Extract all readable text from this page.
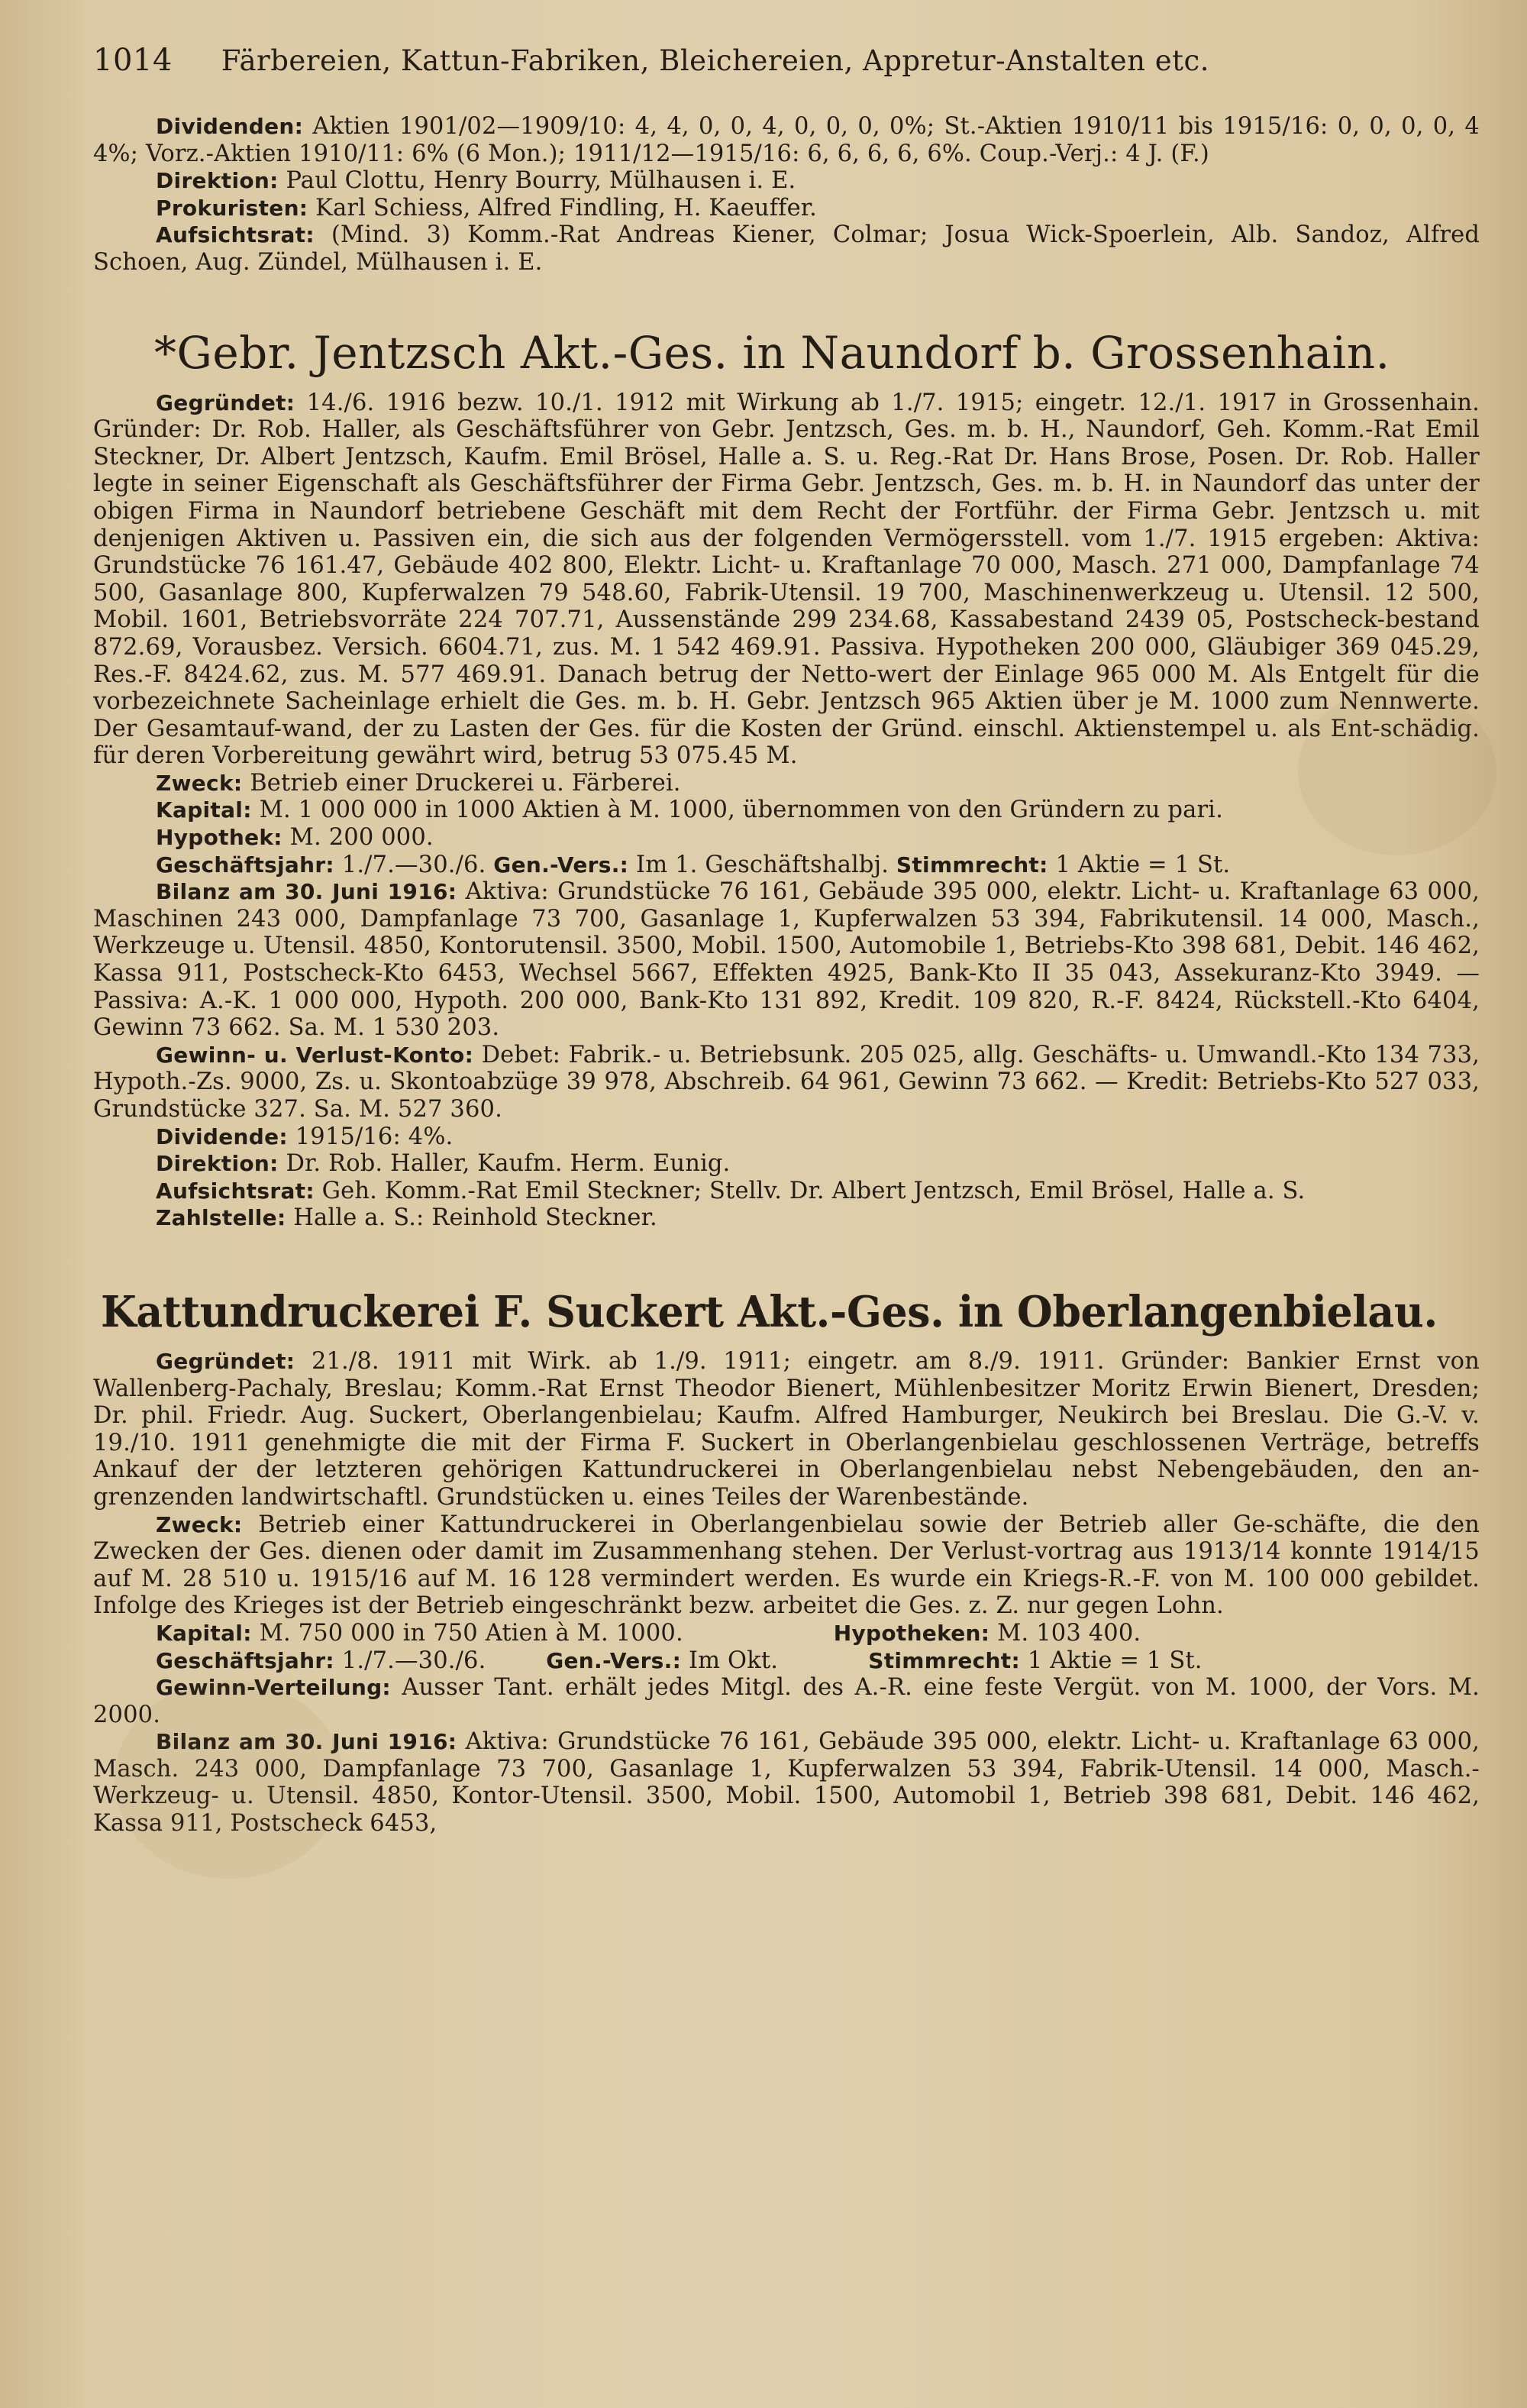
1014 Färbereien, Kattun-Fabriken, Bleichereien, Appretur-Anstalten etc.

Dividenden: Aktien 1901/02—1909/10: 4, 4, 0, 0, 4, 0, 0, 0, 0%; St.-Aktien 1910/11 bis 1915/16: 0, 0, 0, 0, 4 4%; Vorz.-Aktien 1910/11: 6% (6 Mon.); 1911/12—1915/16: 6, 6, 6, 6, 6%. Coup.-Verj.: 4 J. (F.)

Direktion: Paul Clottu, Henry Bourry, Mülhausen i. E.

Prokuristen: Karl Schiess, Alfred Findling, H. Kaeuffer.

Aufsichtsrat: (Mind. 3) Komm.-Rat Andreas Kiener, Colmar; Josua Wick-Spoerlein, Alb. Sandoz, Alfred Schoen, Aug. Zündel, Mülhausen i. E.

*Gebr. Jentzsch Akt.-Ges. in Naundorf b. Grossenhain.

Gegründet: 14./6. 1916 bezw. 10./1. 1912 mit Wirkung ab 1./7. 1915; eingetr. 12./1. 1917 in Grossenhain. Gründer: Dr. Rob. Haller, als Geschäftsführer von Gebr. Jentzsch, Ges. m. b. H., Naundorf, Geh. Komm.-Rat Emil Steckner, Dr. Albert Jentzsch, Kaufm. Emil Brösel, Halle a. S. u. Reg.-Rat Dr. Hans Brose, Posen. Dr. Rob. Haller legte in seiner Eigenschaft als Geschäftsführer der Firma Gebr. Jentzsch, Ges. m. b. H. in Naundorf das unter der obigen Firma in Naundorf betriebene Geschäft mit dem Recht der Fortführ. der Firma Gebr. Jentzsch u. mit denjenigen Aktiven u. Passiven ein, die sich aus der folgenden Vermögersstell. vom 1./7. 1915 ergeben: Aktiva: Grundstücke 76 161.47, Gebäude 402 800, Elektr. Licht- u. Kraftanlage 70 000, Masch. 271 000, Dampfanlage 74 500, Gasanlage 800, Kupferwalzen 79 548.60, Fabrik-Utensil. 19 700, Maschinenwerkzeug u. Utensil. 12 500, Mobil. 1601, Betriebsvorräte 224 707.71, Aussenstände 299 234.68, Kassabestand 2439 05, Postscheck-bestand 872.69, Vorausbez. Versich. 6604.71, zus. M. 1 542 469.91. Passiva. Hypotheken 200 000, Gläubiger 369 045.29, Res.-F. 8424.62, zus. M. 577 469.91. Danach betrug der Netto-wert der Einlage 965 000 M. Als Entgelt für die vorbezeichnete Sacheinlage erhielt die Ges. m. b. H. Gebr. Jentzsch 965 Aktien über je M. 1000 zum Nennwerte. Der Gesamtauf-wand, der zu Lasten der Ges. für die Kosten der Gründ. einschl. Aktienstempel u. als Ent-schädig. für deren Vorbereitung gewährt wird, betrug 53 075.45 M.

Zweck: Betrieb einer Druckerei u. Färberei.

Kapital: M. 1 000 000 in 1000 Aktien à M. 1000, übernommen von den Gründern zu pari.

Hypothek: M. 200 000.

Geschäftsjahr: 1./7.—30./6. Gen.-Vers.: Im 1. Geschäftshalbj. Stimmrecht: 1 Aktie = 1 St.

Bilanz am 30. Juni 1916: Aktiva: Grundstücke 76 161, Gebäude 395 000, elektr. Licht- u. Kraftanlage 63 000, Maschinen 243 000, Dampfanlage 73 700, Gasanlage 1, Kupferwalzen 53 394, Fabrikutensil. 14 000, Masch., Werkzeuge u. Utensil. 4850, Kontorutensil. 3500, Mobil. 1500, Automobile 1, Betriebs-Kto 398 681, Debit. 146 462, Kassa 911, Postscheck-Kto 6453, Wechsel 5667, Effekten 4925, Bank-Kto II 35 043, Assekuranz-Kto 3949. — Passiva: A.-K. 1 000 000, Hypoth. 200 000, Bank-Kto 131 892, Kredit. 109 820, R.-F. 8424, Rückstell.-Kto 6404, Gewinn 73 662. Sa. M. 1 530 203.

Gewinn- u. Verlust-Konto: Debet: Fabrik.- u. Betriebsunk. 205 025, allg. Geschäfts- u. Umwandl.-Kto 134 733, Hypoth.-Zs. 9000, Zs. u. Skontoabzüge 39 978, Abschreib. 64 961, Gewinn 73 662. — Kredit: Betriebs-Kto 527 033, Grundstücke 327. Sa. M. 527 360.

Dividende: 1915/16: 4%.

Direktion: Dr. Rob. Haller, Kaufm. Herm. Eunig.

Aufsichtsrat: Geh. Komm.-Rat Emil Steckner; Stellv. Dr. Albert Jentzsch, Emil Brösel, Halle a. S.

Zahlstelle: Halle a. S.: Reinhold Steckner.

Kattundruckerei F. Suckert Akt.-Ges. in Oberlangenbielau.

Gegründet: 21./8. 1911 mit Wirk. ab 1./9. 1911; eingetr. am 8./9. 1911. Gründer: Bankier Ernst von Wallenberg-Pachaly, Breslau; Komm.-Rat Ernst Theodor Bienert, Mühlenbesitzer Moritz Erwin Bienert, Dresden; Dr. phil. Friedr. Aug. Suckert, Oberlangenbielau; Kaufm. Alfred Hamburger, Neukirch bei Breslau. Die G.-V. v. 19./10. 1911 genehmigte die mit der Firma F. Suckert in Oberlangenbielau geschlossenen Verträge, betreffs Ankauf der der letzteren gehörigen Kattundruckerei in Oberlangenbielau nebst Nebengebäuden, den an-grenzenden landwirtschaftl. Grundstücken u. eines Teiles der Warenbestände.

Zweck: Betrieb einer Kattundruckerei in Oberlangenbielau sowie der Betrieb aller Ge-schäfte, die den Zwecken der Ges. dienen oder damit im Zusammenhang stehen. Der Verlust-vortrag aus 1913/14 konnte 1914/15 auf M. 28 510 u. 1915/16 auf M. 16 128 vermindert werden. Es wurde ein Kriegs-R.-F. von M. 100 000 gebildet. Infolge des Krieges ist der Betrieb eingeschränkt bezw. arbeitet die Ges. z. Z. nur gegen Lohn.

Kapital: M. 750 000 in 750 Atien à M. 1000.	Hypotheken: M. 103 400.

Geschäftsjahr: 1./7.—30./6.	Gen.-Vers.: Im Okt.	Stimmrecht: 1 Aktie = 1 St.

Gewinn-Verteilung: Ausser Tant. erhält jedes Mitgl. des A.-R. eine feste Vergüt. von M. 1000, der Vors. M. 2000.

Bilanz am 30. Juni 1916: Aktiva: Grundstücke 76 161, Gebäude 395 000, elektr. Licht- u. Kraftanlage 63 000, Masch. 243 000, Dampfanlage 73 700, Gasanlage 1, Kupferwalzen 53 394, Fabrik-Utensil. 14 000, Masch.- Werkzeug- u. Utensil. 4850, Kontor-Utensil. 3500, Mobil. 1500, Automobil 1, Betrieb 398 681, Debit. 146 462, Kassa 911, Postscheck 6453,
